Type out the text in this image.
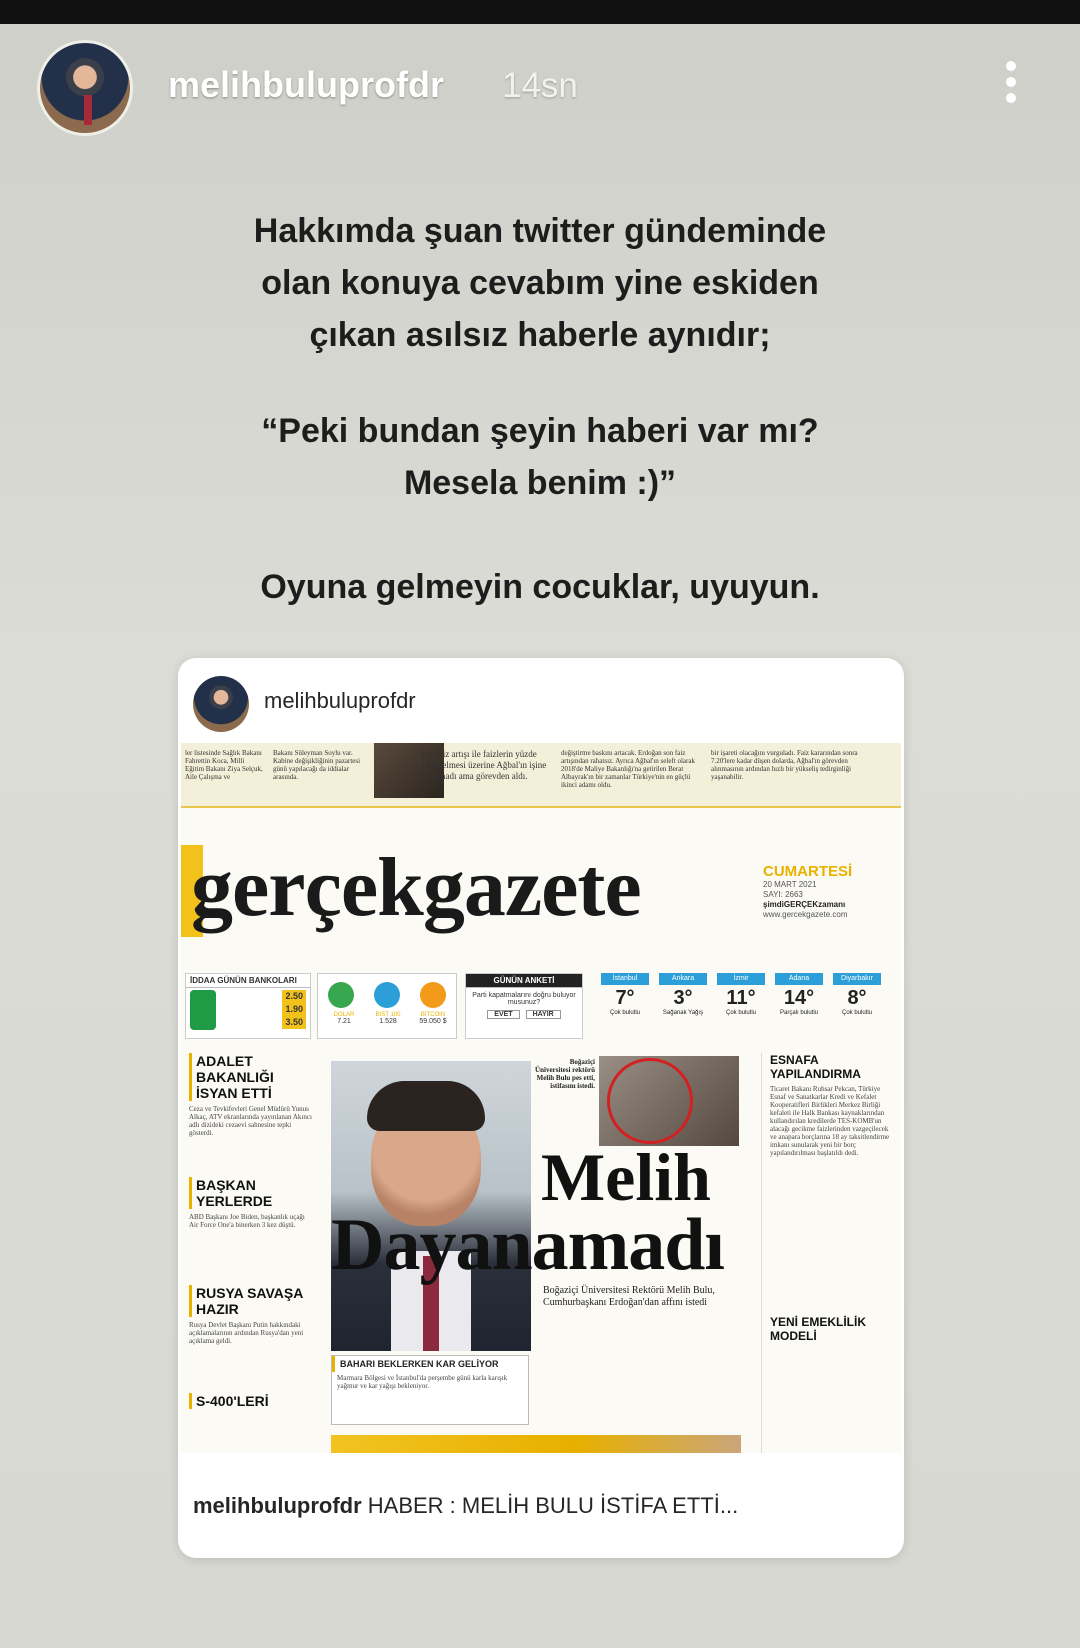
melihbuluprofdr 14sn
Hakkımda şuan twitter gündeminde
olan konuya cevabım yine eskiden
çıkan asılsız haberle aynıdır;
“Peki bundan şeyin haberi var mı?
Mesela benim :)”
Oyuna gelmeyin cocuklar, uyuyun.
melihbuluprofdr
ler listesinde Sağlık Bakanı Fahrettin Koca, Milli Eğitim Bakanı Ziya Selçuk, Aile Çalışma ve
Bakanı Süleyman Soylu var. Kabine değişikliğinin pazartesi günü yapılacağı da iddialar arasında.
son faiz artışı ile faizlerin yüzde 19'a gelmesi üzerine Ağbal'ın işine karışmadı ama görevden aldı.
değiştirme baskını artacak. Erdoğan son faiz artışından rahatsız. Ayrıca Ağbal'ın seleft olarak 2018'de Maliye Bakanlığı'na getirilen Berat Albayrak'ın bir zamanlar Türkiye'nin en güçlü ikinci adamı oldu.
bir işareti olacağını vurguladı. Faiz kararından sonra 7.20'lere kadar düşen dolarda, Ağbal'ın görevden alınmasının ardından hızlı bir yükseliş tedirginliği yaşanabilir.
gerçekgazete	CUMARTESİ
20 MART 2021
SAYI: 2663
şimdiGERÇEKzamanı
www.gercekgazete.com
İDDAA GÜNÜN BANKOLARI
2.50
1.90
3.50
DOLAR
7.21
BIST 100
1.528
BITCOIN
59.050 $
GÜNÜN ANKETİ
Parti kapatmalarını doğru buluyor musunuz?
EVET	HAYIR
İstanbul
7°
Çok bulutlu
Ankara
3°
Sağanak Yağış
İzmir
11°
Çok bulutlu
Adana
14°
Parçalı bulutlu
Diyarbakır
8°
Çok bulutlu
ADALET BAKANLIĞI İSYAN ETTİ
Ceza ve Tevkifevleri Genel Müdürü Yunus Alkaç, ATV ekranlarında yayınlanan Akıncı adlı dizideki cezaevi sahnesine tepki gösterdi.
BAŞKAN YERLERDE
ABD Başkanı Joe Biden, başkanlık uçağı Air Force One'a binerken 3 kez düştü.
RUSYA SAVAŞA HAZIR
Rusya Devlet Başkanı Putin hakkındaki açıklamalarının ardından Rusya'dan yeni açıklama geldi.
S-400'LERİ
Boğaziçi Üniversitesi rektörü Melih Bulu pes etti, istifasını istedi.
Melih
Dayanamadı
Boğaziçi Üniversitesi Rektörü Melih Bulu, Cumhurbaşkanı Erdoğan'dan affını istedi
ESNAFA YAPILANDIRMA
Ticaret Bakanı Ruhsar Pekcan, Türkiye Esnaf ve Sanatkarlar Kredi ve Kefalet Kooperatifleri Birlikleri Merkez Birliği kefaleti ile Halk Bankası kaynaklarından kullandırılan kredilerde TES-KOMB'un alacağı gecikme faizlerinden vazgeçilecek ve anapara borçlarına 18 ay taksitlendirme imkanı sunularak yeni bir borç yapılandırılması başlatıldı dedi.
YENİ EMEKLİLİK MODELİ
BAHARI BEKLERKEN KAR GELİYOR
Marmara Bölgesi ve İstanbul'da perşembe günü karla karışık yağmur ve kar yağışı bekleniyor.
melihbuluprofdr HABER : MELİH BULU İSTİFA ETTİ...
